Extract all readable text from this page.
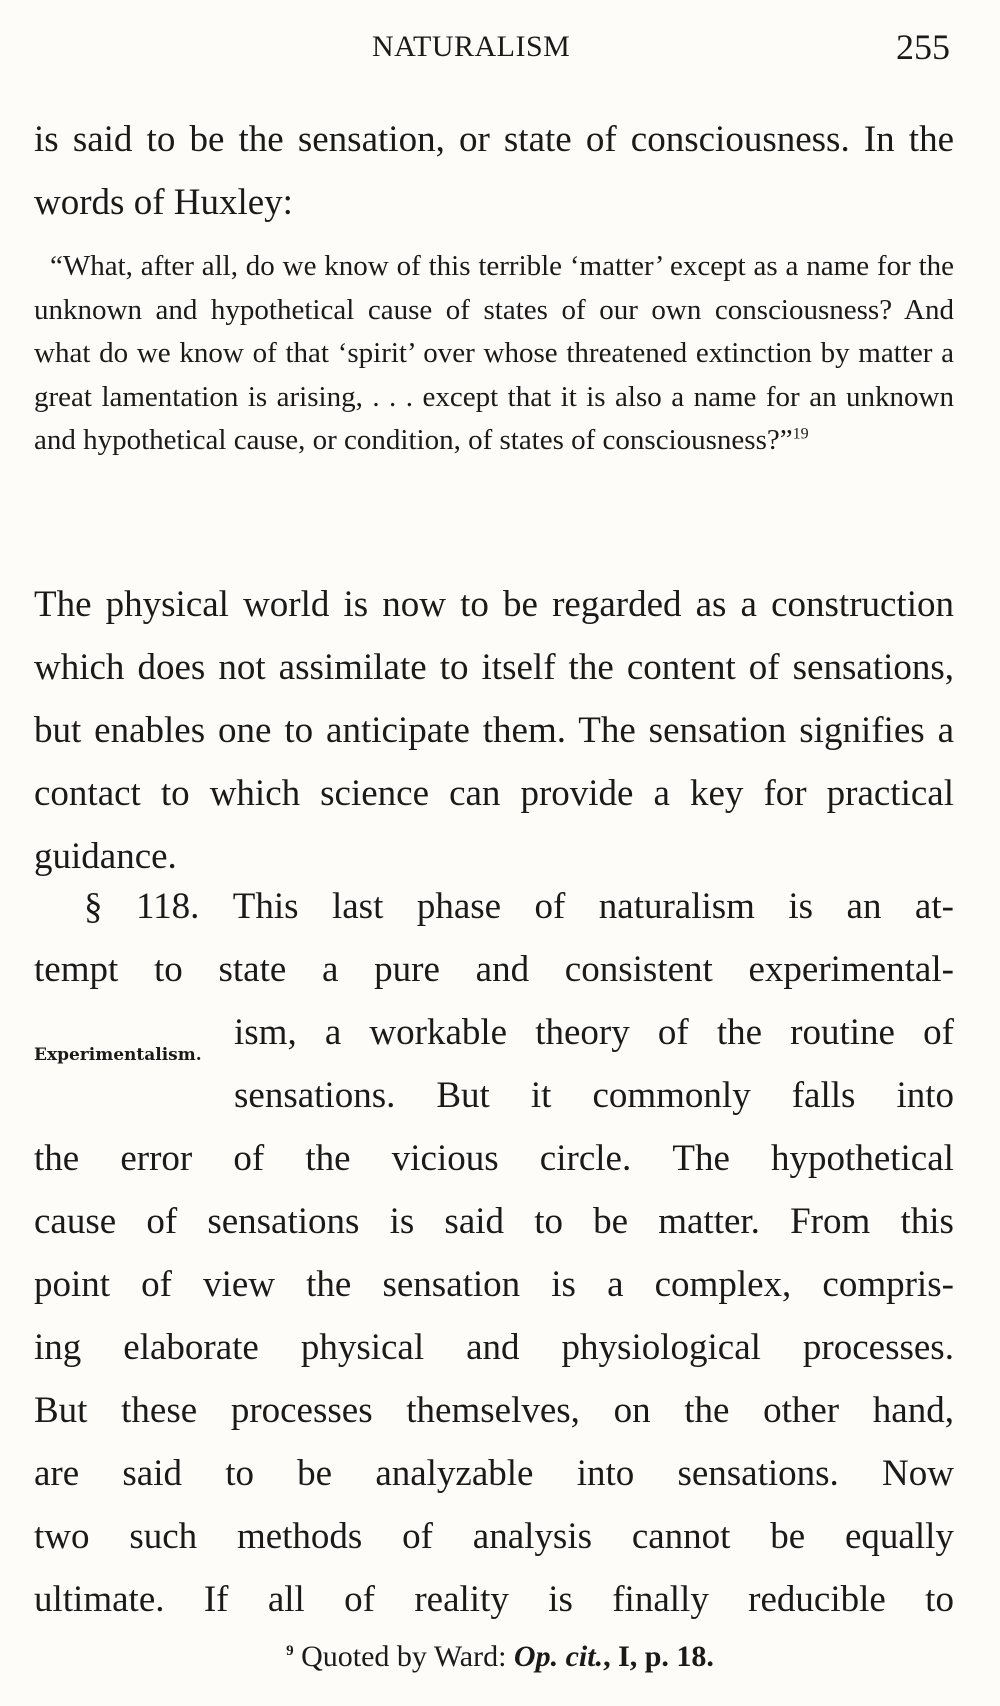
NATURALISM	255

is said to be the sensation, or state of consciousness. In the words of Huxley:

“What, after all, do we know of this terrible ‘matter’ except as a name for the unknown and hypothetical cause of states of our own consciousness? And what do we know of that ‘spirit’ over whose threatened extinction by matter a great lamentation is arising, . . . except that it is also a name for an unknown and hypothetical cause, or condition, of states of consciousness?”$^{19}$

The physical world is now to be regarded as a construction which does not assimilate to itself the content of sensations, but enables one to anticipate them. The sensation signifies a contact to which science can provide a key for practical guidance.

§ 118. This last phase of naturalism is an at-
tempt to state a pure and consistent experimental-
ism, a workable theory of the routine of
sensations. But it commonly falls into
the error of the vicious circle. The hypothetical
cause of sensations is said to be matter. From this
point of view the sensation is a complex, compris-
ing elaborate physical and physiological processes.
But these processes themselves, on the other hand,
are said to be analyzable into sensations. Now
two such methods of analysis cannot be equally
ultimate. If all of reality is finally reducible to
Experimentalism.
$^9$ Quoted by Ward: Op. cit., I, p. 18.
